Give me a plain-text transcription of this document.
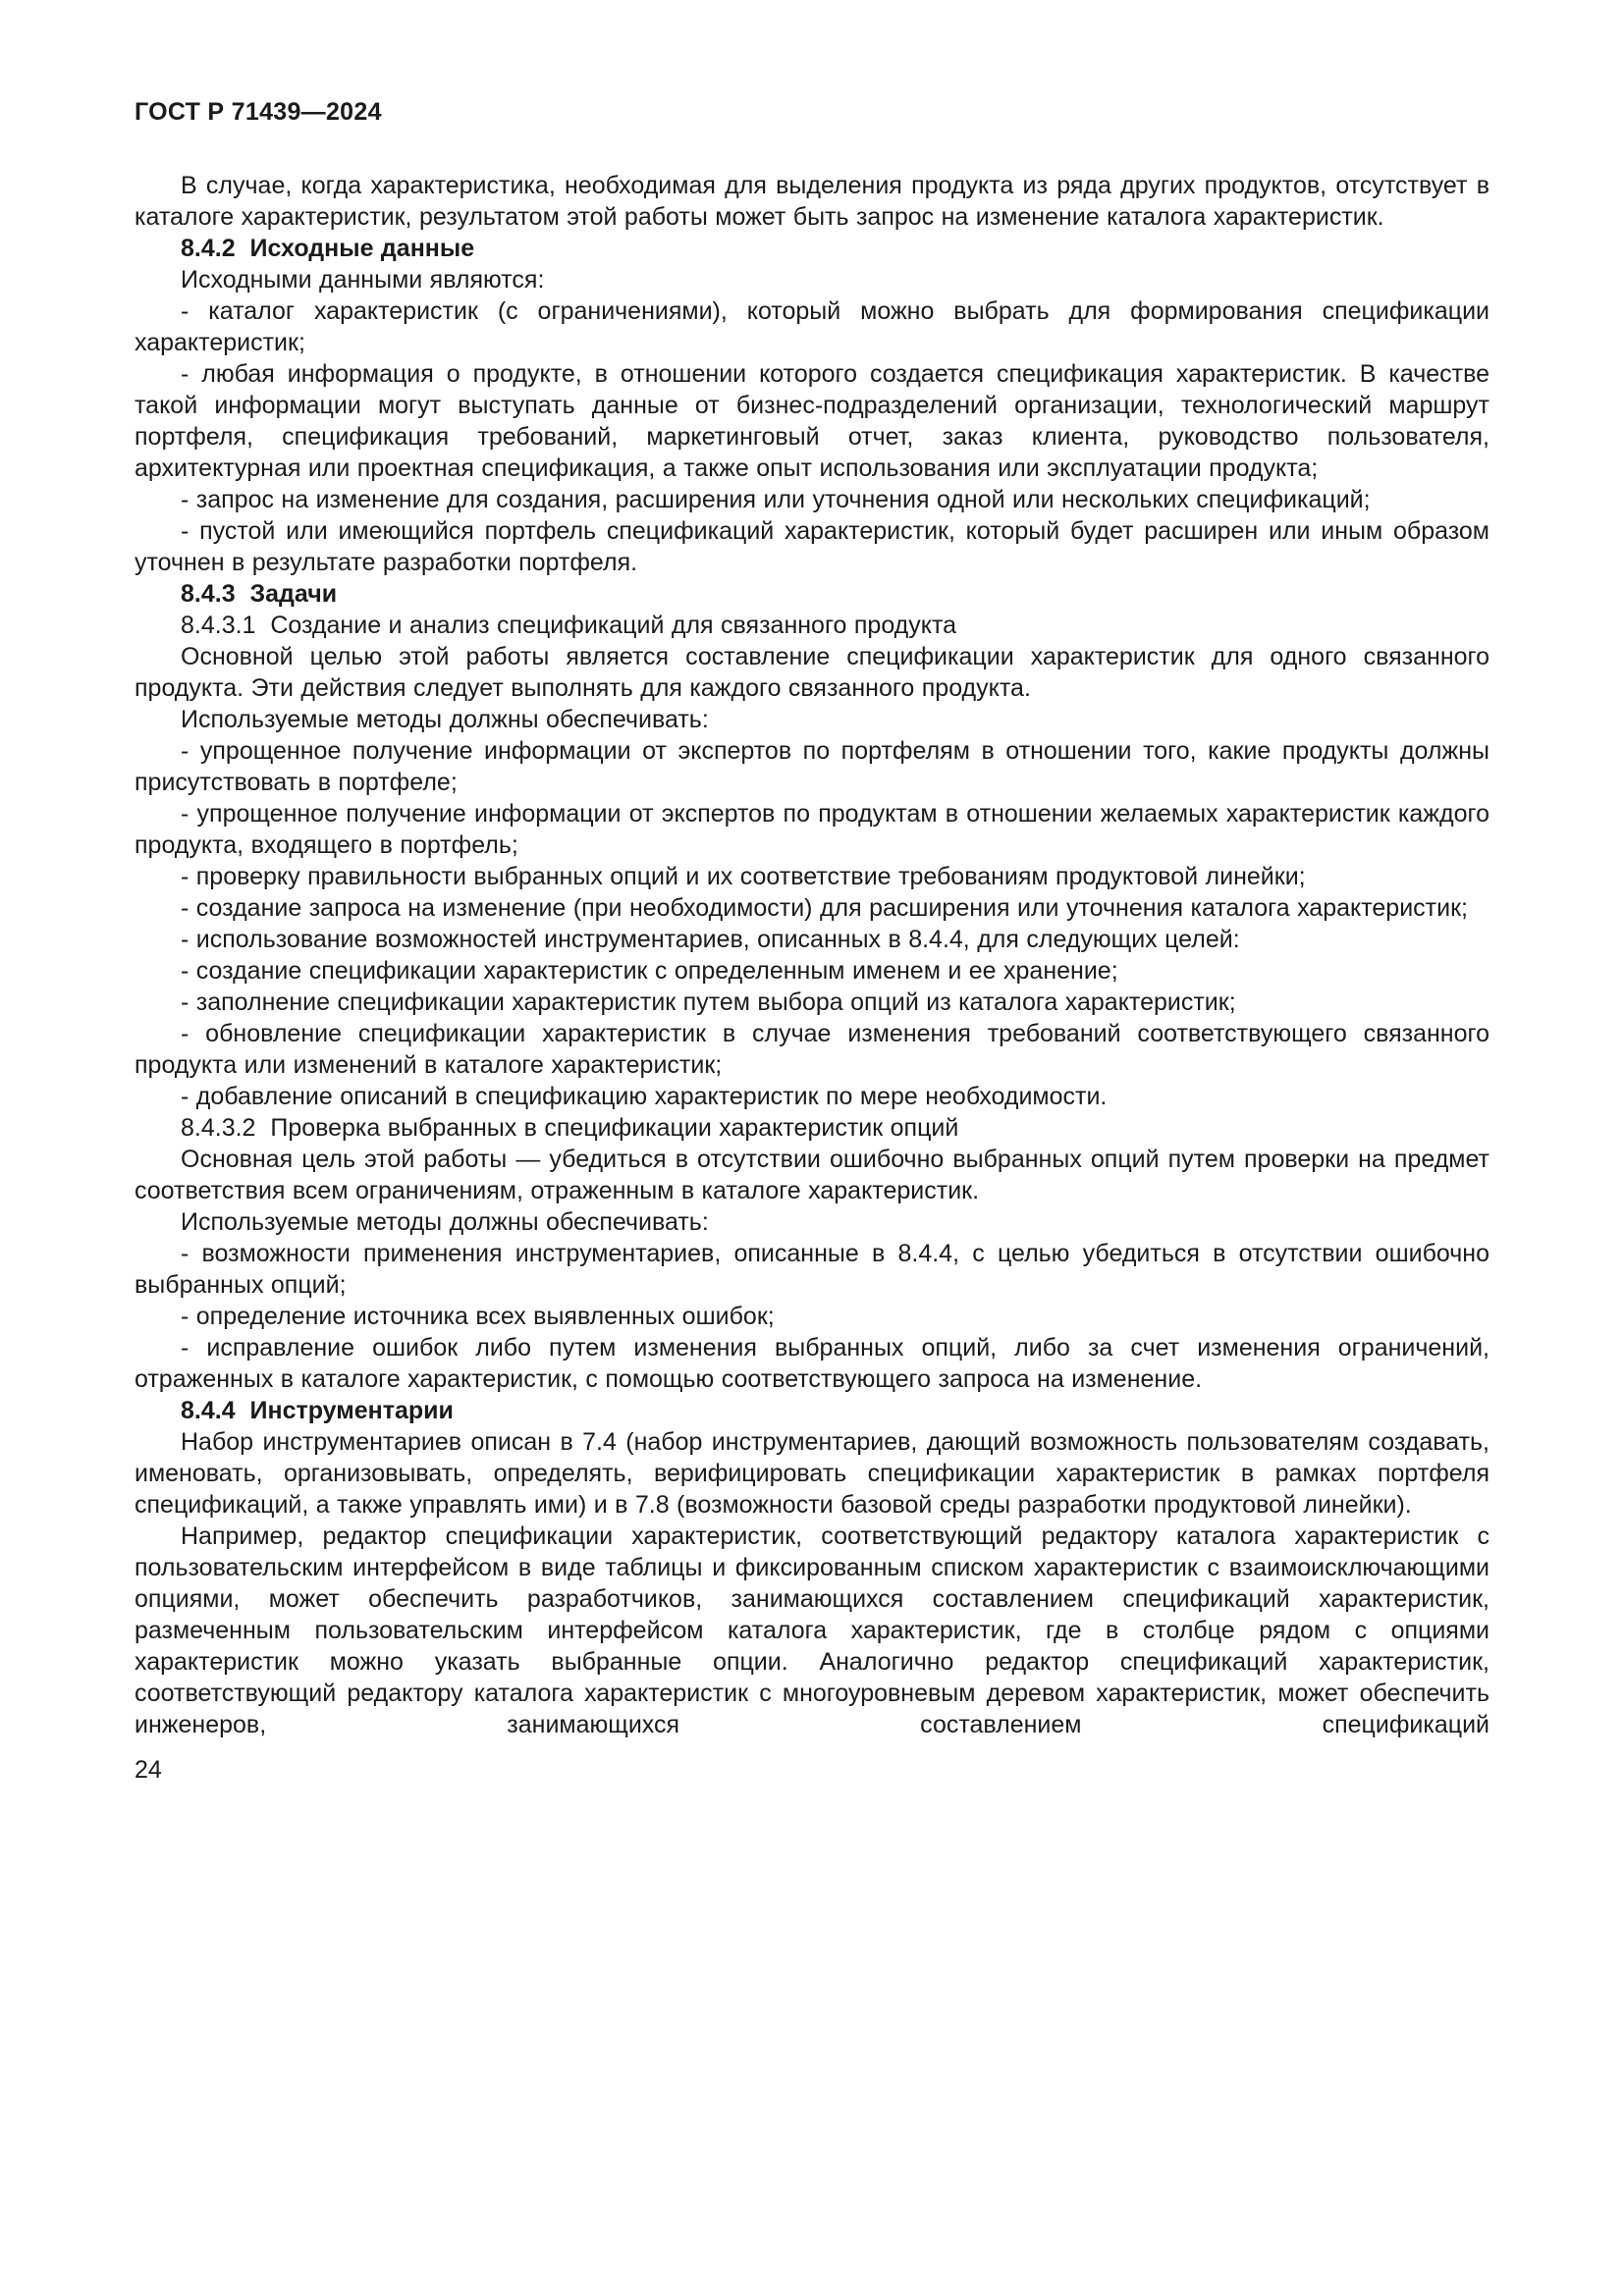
ГОСТ Р 71439—2024

В случае, когда характеристика, необходимая для выделения продукта из ряда других продуктов, отсутствует в каталоге характеристик, результатом этой работы может быть запрос на изменение каталога характеристик.

8.4.2  Исходные данные

Исходными данными являются:

- каталог характеристик (с ограничениями), который можно выбрать для формирования спецификации характеристик;

- любая информация о продукте, в отношении которого создается спецификация характеристик. В качестве такой информации могут выступать данные от бизнес-подразделений организации, технологический маршрут портфеля, спецификация требований, маркетинговый отчет, заказ клиента, руководство пользователя, архитектурная или проектная спецификация, а также опыт использования или эксплуатации продукта;

- запрос на изменение для создания, расширения или уточнения одной или нескольких спецификаций;

- пустой или имеющийся портфель спецификаций характеристик, который будет расширен или иным образом уточнен в результате разработки портфеля.

8.4.3  Задачи

8.4.3.1  Создание и анализ спецификаций для связанного продукта

Основной целью этой работы является составление спецификации характеристик для одного связанного продукта. Эти действия следует выполнять для каждого связанного продукта.

Используемые методы должны обеспечивать:

- упрощенное получение информации от экспертов по портфелям в отношении того, какие продукты должны присутствовать в портфеле;

- упрощенное получение информации от экспертов по продуктам в отношении желаемых характеристик каждого продукта, входящего в портфель;

- проверку правильности выбранных опций и их соответствие требованиям продуктовой линейки;

- создание запроса на изменение (при необходимости) для расширения или уточнения каталога характеристик;

- использование возможностей инструментариев, описанных в 8.4.4, для следующих целей:

- создание спецификации характеристик с определенным именем и ее хранение;

- заполнение спецификации характеристик путем выбора опций из каталога характеристик;

- обновление спецификации характеристик в случае изменения требований соответствующего связанного продукта или изменений в каталоге характеристик;

- добавление описаний в спецификацию характеристик по мере необходимости.

8.4.3.2  Проверка выбранных в спецификации характеристик опций

Основная цель этой работы — убедиться в отсутствии ошибочно выбранных опций путем проверки на предмет соответствия всем ограничениям, отраженным в каталоге характеристик.

Используемые методы должны обеспечивать:

- возможности применения инструментариев, описанные в 8.4.4, с целью убедиться в отсутствии ошибочно выбранных опций;

- определение источника всех выявленных ошибок;

- исправление ошибок либо путем изменения выбранных опций, либо за счет изменения ограничений, отраженных в каталоге характеристик, с помощью соответствующего запроса на изменение.

8.4.4  Инструментарии

Набор инструментариев описан в 7.4 (набор инструментариев, дающий возможность пользователям создавать, именовать, организовывать, определять, верифицировать спецификации характеристик в рамках портфеля спецификаций, а также управлять ими) и в 7.8 (возможности базовой среды разработки продуктовой линейки).

Например, редактор спецификации характеристик, соответствующий редактору каталога характеристик с пользовательским интерфейсом в виде таблицы и фиксированным списком характеристик с взаимоисключающими опциями, может обеспечить разработчиков, занимающихся составлением спецификаций характеристик, размеченным пользовательским интерфейсом каталога характеристик, где в столбце рядом с опциями характеристик можно указать выбранные опции. Аналогично редактор спецификаций характеристик, соответствующий редактору каталога характеристик с многоуровневым деревом характеристик, может обеспечить инженеров, занимающихся составлением спецификаций

24
